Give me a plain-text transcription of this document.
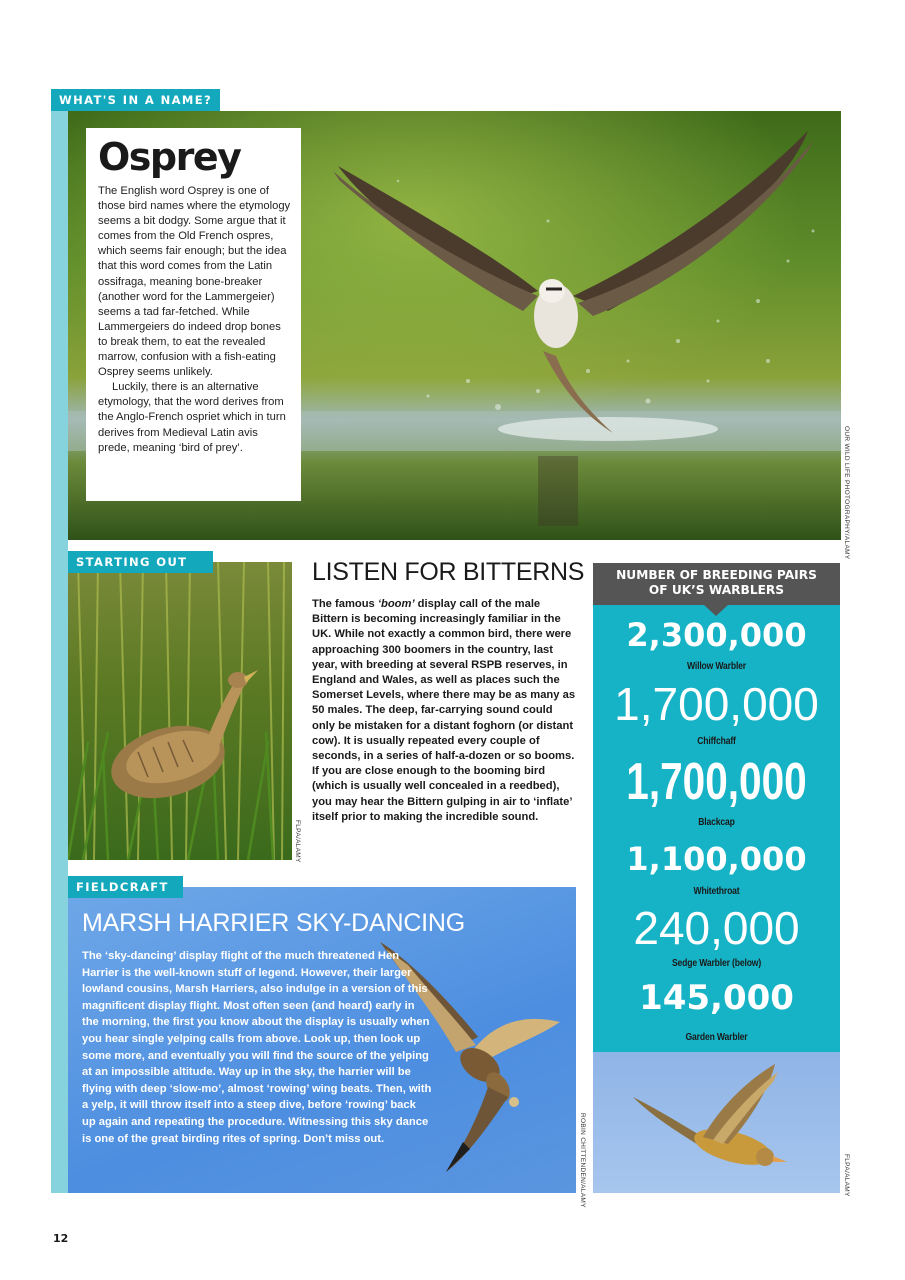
WHAT'S IN A NAME?
OUR WILD LIFE PHOTOGRAPHY/ALAMY
Osprey

The English word Osprey is one of those bird names where the etymology seems a bit dodgy. Some argue that it comes from the Old French ospres, which seems fair enough; but the idea that this word comes from the Latin ossifraga, meaning bone-breaker (another word for the Lammergeier) seems a tad far-fetched. While Lammergeiers do indeed drop bones to break them, to eat the revealed marrow, confusion with a fish-eating Osprey seems unlikely.

Luckily, there is an alternative etymology, that the word derives from the Anglo-French ospriet which in turn derives from Medieval Latin avis prede, meaning ‘bird of prey’.

STARTING OUT
FLPA/ALAMY
LISTEN FOR BITTERNS
The famous ‘boom’ display call of the male Bittern is becoming increasingly familiar in the UK. While not exactly a common bird, there were approaching 300 boomers in the country, last year, with breeding at several RSPB reserves, in England and Wales, as well as places such the Somerset Levels, where there may be as many as 50 males. The deep, far-carrying sound could only be mistaken for a distant foghorn (or distant cow). It is usually repeated every couple of seconds, in a series of half-a-dozen or so booms. If you are close enough to the booming bird (which is usually well concealed in a reedbed), you may hear the Bittern gulping in air to ‘inflate’ itself prior to making the incredible sound.
FIELDCRAFT
MARSH HARRIER SKY-DANCING
The ‘sky-dancing’ display flight of the much threatened Hen Harrier is the well-known stuff of legend. However, their larger lowland cousins, Marsh Harriers, also indulge in a version of this magnificent display flight. Most often seen (and heard) early in the morning, the first you know about the display is usually when you hear single yelping calls from above. Look up, then look up some more, and eventually you will find the source of the yelping at an impossible altitude. Way up in the sky, the harrier will be flying with deep ‘slow-mo’, almost ‘rowing’ wing beats. Then, with a yelp, it will throw itself into a steep dive, before ‘rowing’ back up again and repeating the procedure. Witnessing this sky dance is one of the great birding rites of spring. Don’t miss out.	ROBIN CHITTENDEN/ALAMY
NUMBER OF BREEDING PAIRS
OF UK’S WARBLERS
2,300,000
Willow Warbler
1,700,000
Chiffchaff
1,700,000
Blackcap
1,100,000
Whitethroat
240,000
Sedge Warbler (below)
145,000
Garden Warbler
FLPA/ALAMY
12
